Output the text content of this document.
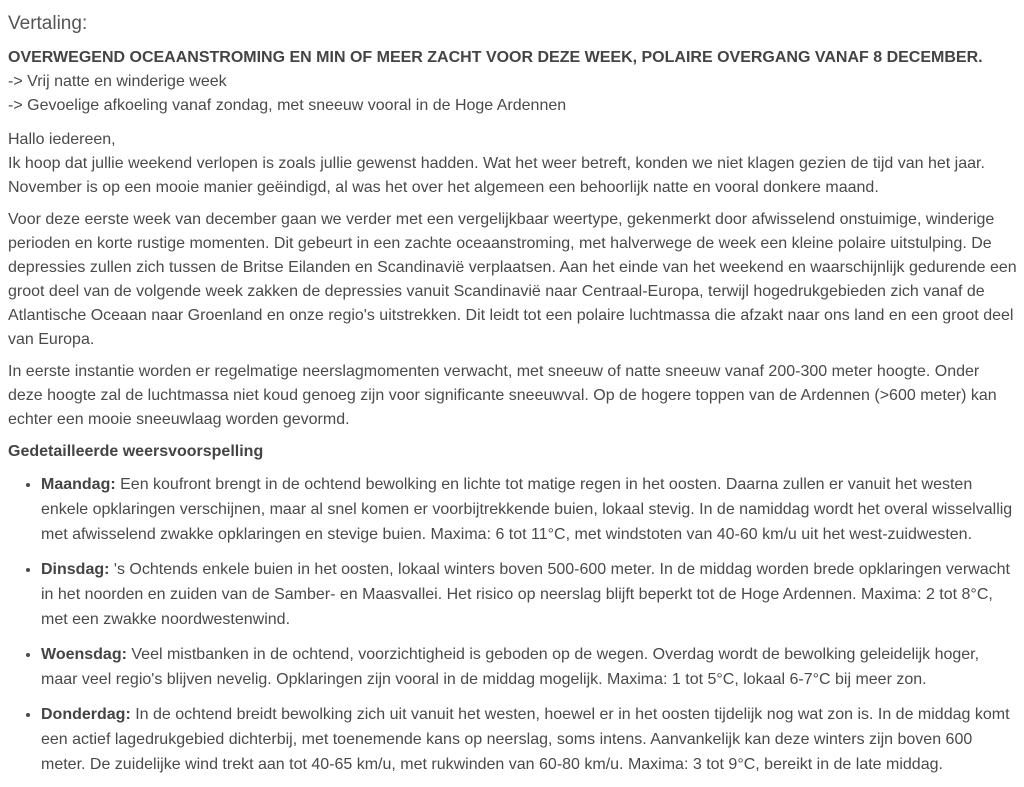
Vertaling:
OVERWEGEND OCEAANSTROMING EN MIN OF MEER ZACHT VOOR DEZE WEEK, POLAIRE OVERGANG VANAF 8 DECEMBER.
-> Vrij natte en winderige week
-> Gevoelige afkoeling vanaf zondag, met sneeuw vooral in de Hoge Ardennen
Hallo iedereen,

Ik hoop dat jullie weekend verlopen is zoals jullie gewenst hadden. Wat het weer betreft, konden we niet klagen gezien de tijd van het jaar. November is op een mooie manier geëindigd, al was het over het algemeen een behoorlijk natte en vooral donkere maand.

Voor deze eerste week van december gaan we verder met een vergelijkbaar weertype, gekenmerkt door afwisselend onstuimige, winderige perioden en korte rustige momenten. Dit gebeurt in een zachte oceaanstroming, met halverwege de week een kleine polaire uitstulping. De depressies zullen zich tussen de Britse Eilanden en Scandinavië verplaatsen. Aan het einde van het weekend en waarschijnlijk gedurende een groot deel van de volgende week zakken de depressies vanuit Scandinavië naar Centraal-Europa, terwijl hogedrukgebieden zich vanaf de Atlantische Oceaan naar Groenland en onze regio's uitstrekken. Dit leidt tot een polaire luchtmassa die afzakt naar ons land en een groot deel van Europa.

In eerste instantie worden er regelmatige neerslagmomenten verwacht, met sneeuw of natte sneeuw vanaf 200-300 meter hoogte. Onder deze hoogte zal de luchtmassa niet koud genoeg zijn voor significante sneeuwval. Op de hogere toppen van de Ardennen (>600 meter) kan echter een mooie sneeuwlaag worden gevormd.

Gedetailleerde weersvoorspelling
• Maandag: Een koufront brengt in de ochtend bewolking en lichte tot matige regen in het oosten. Daarna zullen er vanuit het westen enkele opklaringen verschijnen, maar al snel komen er voorbijtrekkende buien, lokaal stevig. In de namiddag wordt het overal wisselvallig met afwisselend zwakke opklaringen en stevige buien. Maxima: 6 tot 11°C, met windstoten van 40-60 km/u uit het west-zuidwesten.
• Dinsdag: 's Ochtends enkele buien in het oosten, lokaal winters boven 500-600 meter. In de middag worden brede opklaringen verwacht in het noorden en zuiden van de Samber- en Maasvallei. Het risico op neerslag blijft beperkt tot de Hoge Ardennen. Maxima: 2 tot 8°C, met een zwakke noordwestenwind.
• Woensdag: Veel mistbanken in de ochtend, voorzichtigheid is geboden op de wegen. Overdag wordt de bewolking geleidelijk hoger, maar veel regio's blijven nevelig. Opklaringen zijn vooral in de middag mogelijk. Maxima: 1 tot 5°C, lokaal 6-7°C bij meer zon.
• Donderdag: In de ochtend breidt bewolking zich uit vanuit het westen, hoewel er in het oosten tijdelijk nog wat zon is. In de middag komt een actief lagedrukgebied dichterbij, met toenemende kans op neerslag, soms intens. Aanvankelijk kan deze winters zijn boven 600 meter. De zuidelijke wind trekt aan tot 40-65 km/u, met rukwinden van 60-80 km/u. Maxima: 3 tot 9°C, bereikt in de late middag.
